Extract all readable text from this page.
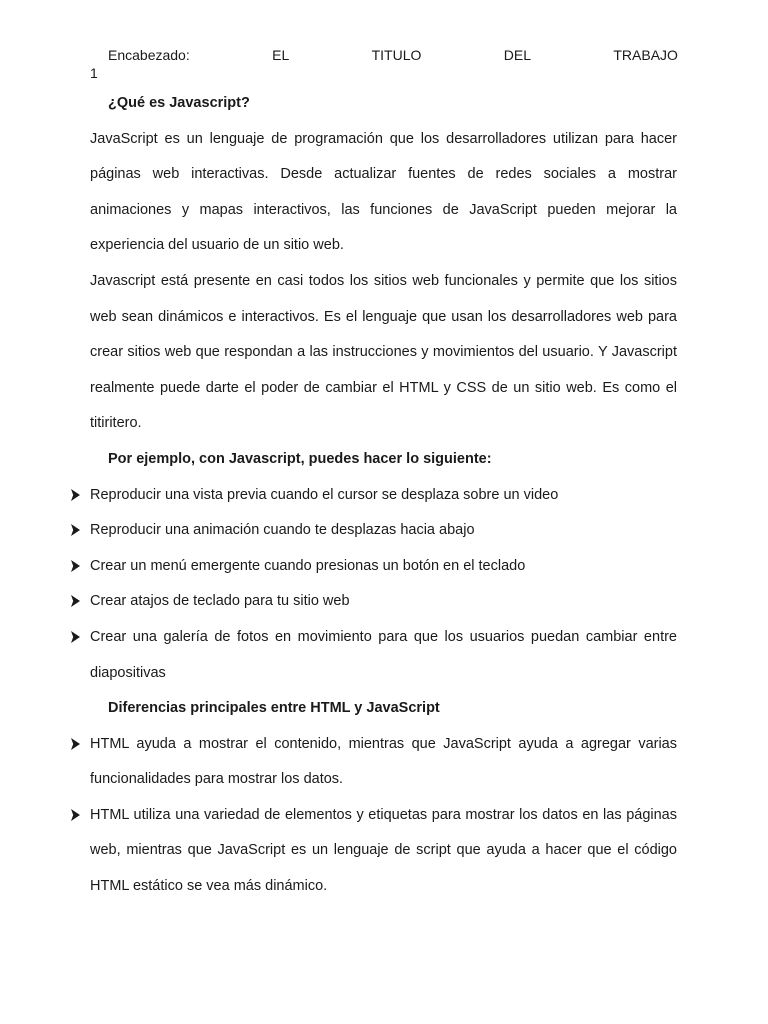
Encabezado:	EL	TITULO	DEL	TRABAJO
1

¿Qué es Javascript?

JavaScript es un lenguaje de programación que los desarrolladores utilizan para hacer páginas web interactivas. Desde actualizar fuentes de redes sociales a mostrar animaciones y mapas interactivos, las funciones de JavaScript pueden mejorar la experiencia del usuario de un sitio web.

Javascript está presente en casi todos los sitios web funcionales y permite que los sitios web sean dinámicos e interactivos. Es el lenguaje que usan los desarrolladores web para crear sitios web que respondan a las instrucciones y movimientos del usuario. Y Javascript realmente puede darte el poder de cambiar el HTML y CSS de un sitio web. Es como el titiritero.

Por ejemplo, con Javascript, puedes hacer lo siguiente:

Reproducir una vista previa cuando el cursor se desplaza sobre un video
Reproducir una animación cuando te desplazas hacia abajo
Crear un menú emergente cuando presionas un botón en el teclado
Crear atajos de teclado para tu sitio web
Crear una galería de fotos en movimiento para que los usuarios puedan cambiar entre diapositivas

Diferencias principales entre HTML y JavaScript

HTML ayuda a mostrar el contenido, mientras que JavaScript ayuda a agregar varias funcionalidades para mostrar los datos.
HTML utiliza una variedad de elementos y etiquetas para mostrar los datos en las páginas web, mientras que JavaScript es un lenguaje de script que ayuda a hacer que el código HTML estático se vea más dinámico.
